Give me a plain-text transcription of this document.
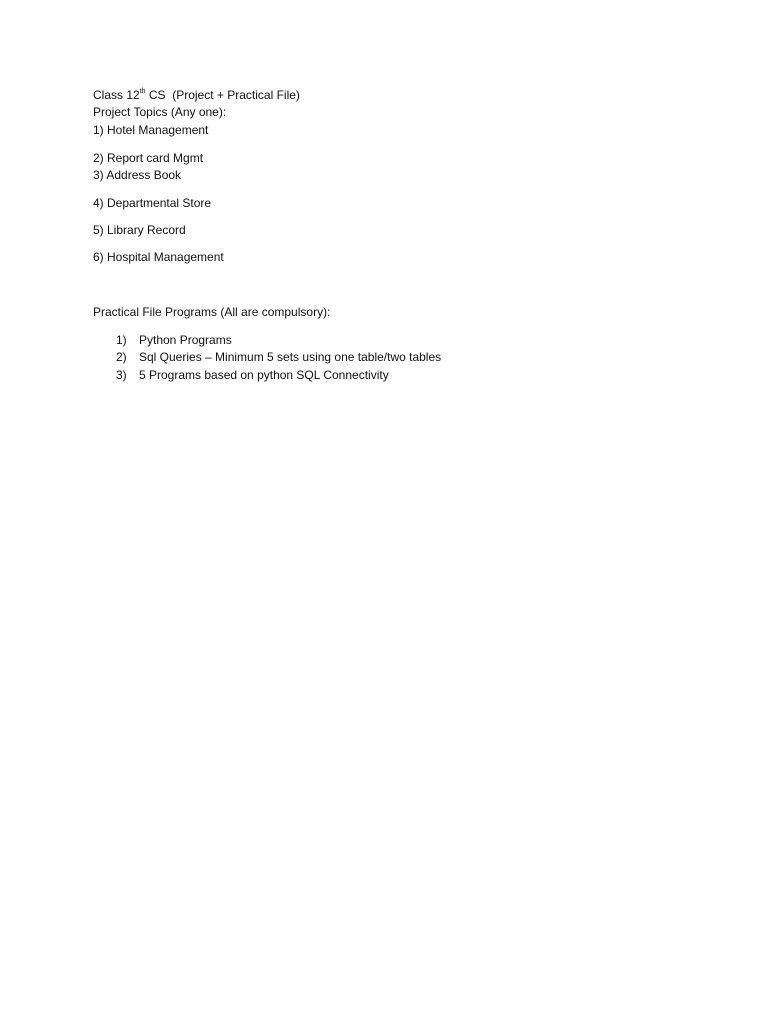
Class 12th CS  (Project + Practical File)
Project Topics (Any one):
1) Hotel Management
2) Report card Mgmt
3) Address Book
4) Departmental Store
5) Library Record
6) Hospital Management
Practical File Programs (All are compulsory):
1) Python Programs
2) Sql Queries – Minimum 5 sets using one table/two tables
3) 5 Programs based on python SQL Connectivity
